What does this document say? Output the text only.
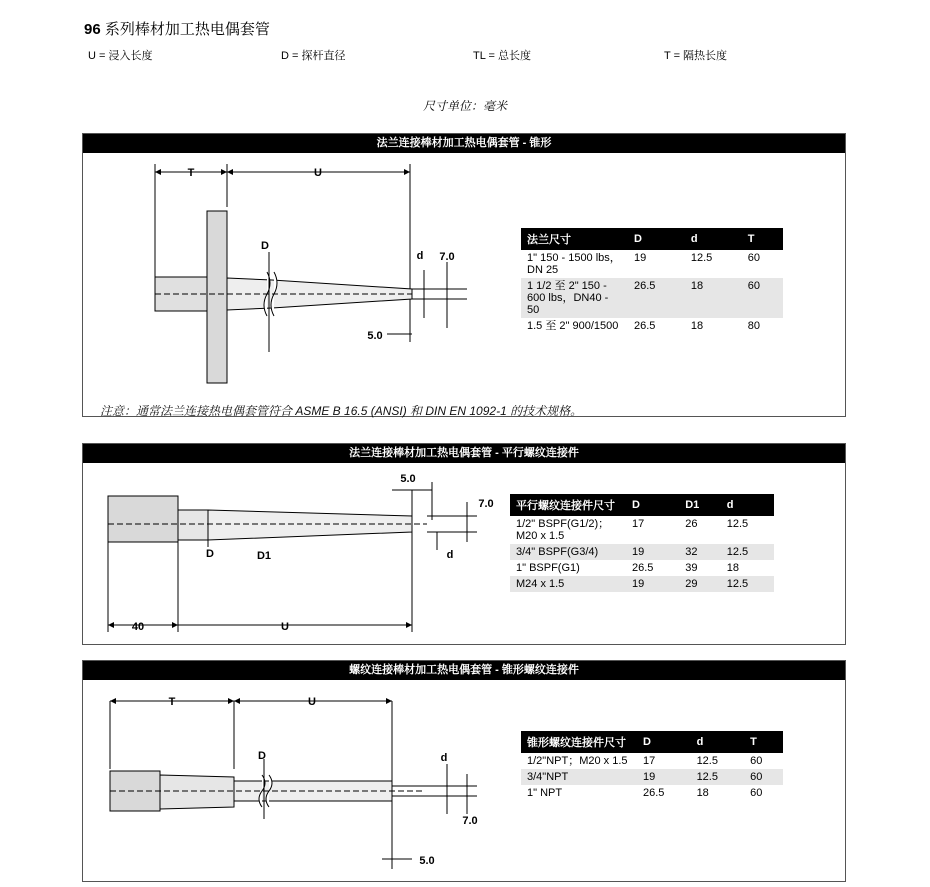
96 系列棒材加工热电偶套管
U = 浸入长度	D = 探杆直径	TL = 总长度	T = 隔热长度
尺寸单位：毫米
法兰连接棒材加工热电偶套管 - 锥形
T	U
D
d 7.0
5.0
法兰尺寸	D	d	T
1" 150 - 1500 lbs，DN 25	19	12.5	60
1 1/2 至 2" 150 - 600 lbs，DN40 - 50	26.5	18	60
1.5 至 2" 900/1500	26.5	18	80
注意：通常法兰连接热电偶套管符合 ASME B 16.5 (ANSI) 和 DIN EN 1092-1 的技术规格。
法兰连接棒材加工热电偶套管 - 平行螺纹连接件
5.0
7.0
D	D1	d
40	U
平行螺纹连接件尺寸	D	D1	d
1/2" BSPF(G1/2)；M20 x 1.5	17	26	12.5
3/4" BSPF(G3/4)	19	32	12.5
1" BSPF(G1)	26.5	39	18
M24 x 1.5	19	29	12.5
螺纹连接棒材加工热电偶套管 - 锥形螺纹连接件
T	U
D	d
7.0
5.0
锥形螺纹连接件尺寸	D	d	T
1/2"NPT；M20 x 1.5	17	12.5	60
3/4"NPT	19	12.5	60
1" NPT	26.5	18	60
